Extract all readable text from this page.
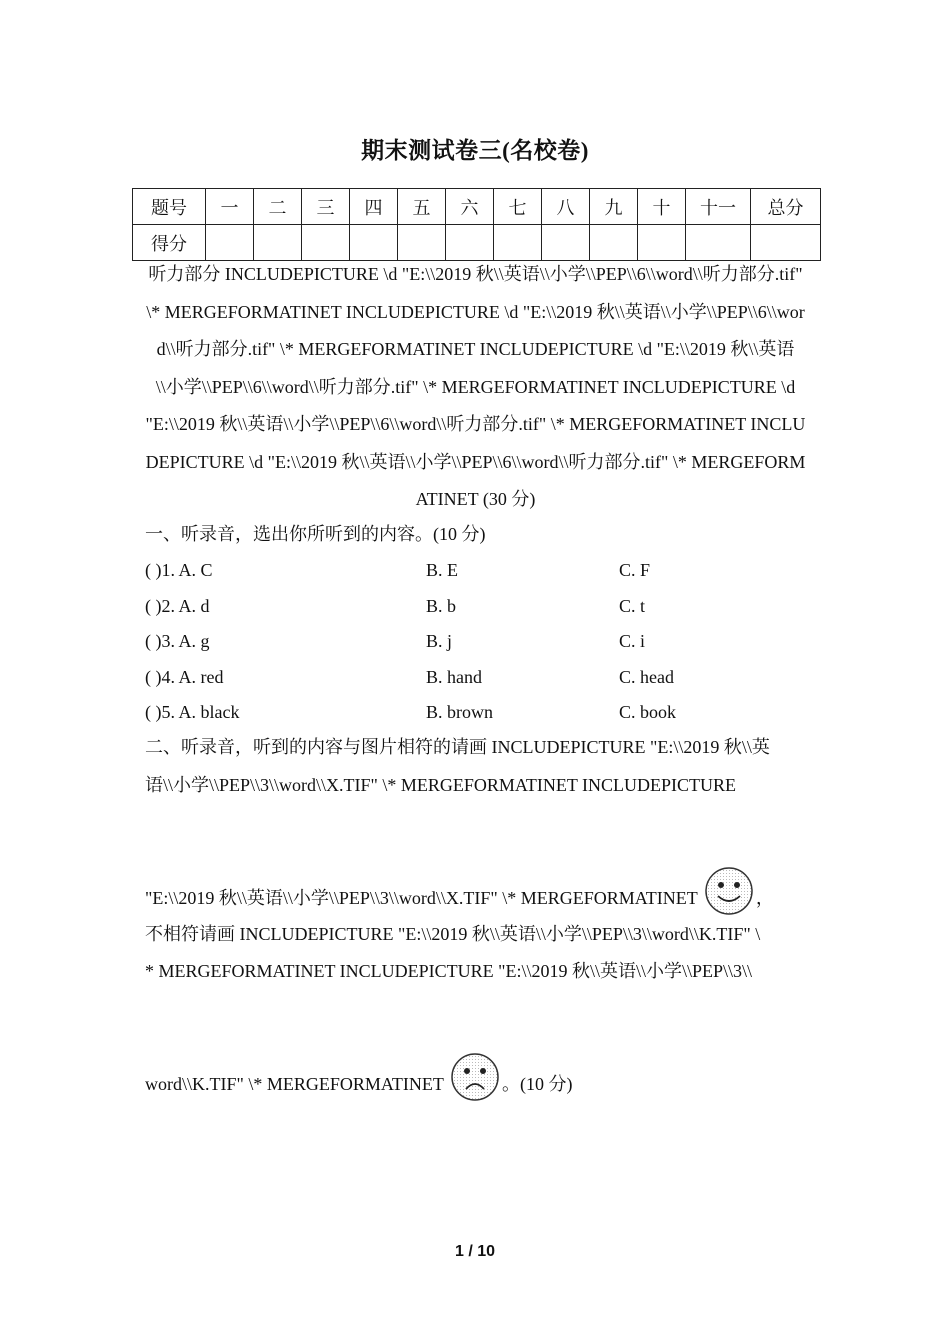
期末测试卷三(名校卷)
题号	一	二	三	四	五	六	七	八	九	十	十一	总分
得分												
听力部分 INCLUDEPICTURE \d "E:\\2019 秋\\英语\\小学\\PEP\\6\\word\\听力部分.tif" \* MERGEFORMATINET INCLUDEPICTURE \d "E:\\2019 秋\\英语\\小学\\PEP\\6\\word\\听力部分.tif" \* MERGEFORMATINET INCLUDEPICTURE \d "E:\\2019 秋\\英语\\小学\\PEP\\6\\word\\听力部分.tif" \* MERGEFORMATINET INCLUDEPICTURE \d "E:\\2019 秋\\英语\\小学\\PEP\\6\\word\\听力部分.tif" \* MERGEFORMATINET INCLUDEPICTURE \d "E:\\2019 秋\\英语\\小学\\PEP\\6\\word\\听力部分.tif" \* MERGEFORMATINET (30 分)
一、听录音，选出你所听到的内容。(10 分)
( )1. A. C	B. E	C. F
( )2. A. d	B. b	C. t
( )3. A. g	B. j	C. i
( )4. A. red	B. hand	C. head
( )5. A. black	B. brown	C. book
二、听录音，听到的内容与图片相符的请画 INCLUDEPICTURE "E:\\2019 秋\\英
语\\小学\\PEP\\3\\word\\X.TIF" \* MERGEFORMATINET INCLUDEPICTURE
"E:\\2019 秋\\英语\\小学\\PEP\\3\\word\\X.TIF" \* MERGEFORMATINET	，
不相符请画 INCLUDEPICTURE "E:\\2019 秋\\英语\\小学\\PEP\\3\\word\\K.TIF" \
* MERGEFORMATINET INCLUDEPICTURE "E:\\2019 秋\\英语\\小学\\PEP\\3\\
word\\K.TIF" \* MERGEFORMATINET	。(10 分)
1 / 10
